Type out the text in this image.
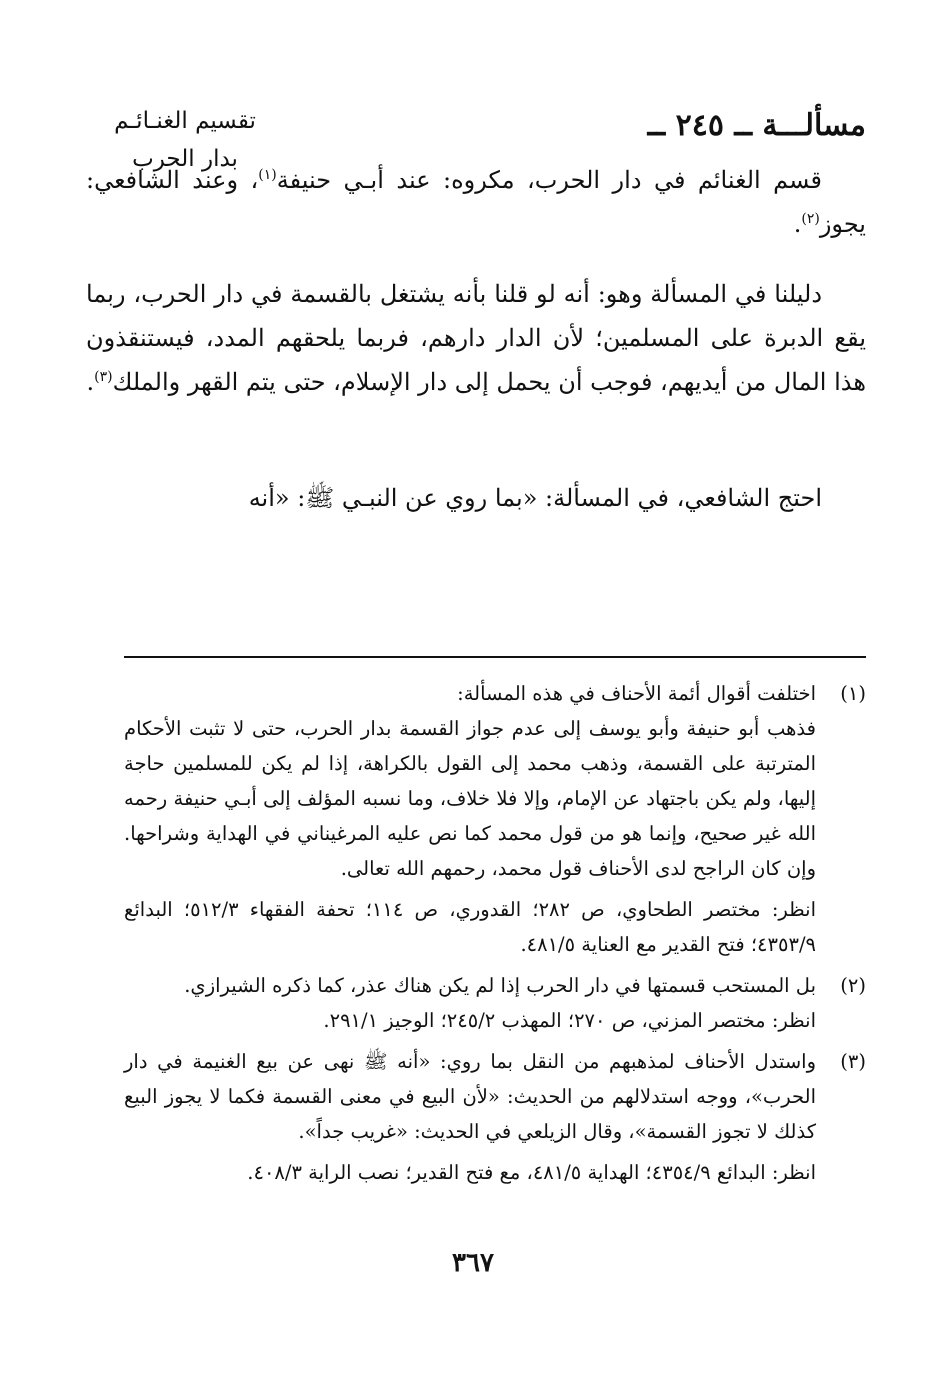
تقسيم الغنـائـم
بدار الحرب
مسألـــة ــ ٢٤٥ ــ
قسم الغنائم في دار الحرب، مكروه: عند أبـي حنيفة$^{(١)}$، وعند الشافعي: يجوز$^{(٢)}$.
دليلنا في المسألة وهو: أنه لو قلنا بأنه يشتغل بالقسمة في دار الحرب، ربما يقع الدبرة على المسلمين؛ لأن الدار دارهم، فربما يلحقهم المدد، فيستنقذون هذا المال من أيديهم، فوجب أن يحمل إلى دار الإسلام، حتى يتم القهر والملك$^{(٣)}$.
احتج الشافعي، في المسألة: «بما روي عن النبـي ﷺ: «أنه
(١)

اختلفت أقوال أئمة الأحناف في هذه المسألة:

فذهب أبو حنيفة وأبو يوسف إلى عدم جواز القسمة بدار الحرب، حتى لا تثبت الأحكام المترتبة على القسمة، وذهب محمد إلى القول بالكراهة، إذا لم يكن للمسلمين حاجة إليها، ولم يكن باجتهاد عن الإمام، وإلا فلا خلاف، وما نسبه المؤلف إلى أبـي حنيفة رحمه الله غير صحيح، وإنما هو من قول محمد كما نص عليه المرغيناني في الهداية وشراحها. وإن كان الراجح لدى الأحناف قول محمد، رحمهم الله تعالى.

انظر: مختصر الطحاوي، ص ٢٨٢؛ القدوري، ص ١١٤؛ تحفة الفقهاء ٥١٢/٣؛ البدائع ٤٣٥٣/٩؛ فتح القدير مع العناية ٤٨١/٥.

(٢)

بل المستحب قسمتها في دار الحرب إذا لم يكن هناك عذر، كما ذكره الشيرازي.

انظر: مختصر المزني، ص ٢٧٠؛ المهذب ٢٤٥/٢؛ الوجيز ٢٩١/١.

(٣)

واستدل الأحناف لمذهبهم من النقل بما روي: «أنه ﷺ نهى عن بيع الغنيمة في دار الحرب»، ووجه استدلالهم من الحديث: «لأن البيع في معنى القسمة فكما لا يجوز البيع كذلك لا تجوز القسمة»، وقال الزيلعي في الحديث: «غريب جداً».

انظر: البدائع ٤٣٥٤/٩؛ الهداية ٤٨١/٥، مع فتح القدير؛ نصب الراية ٤٠٨/٣.

٣٦٧
